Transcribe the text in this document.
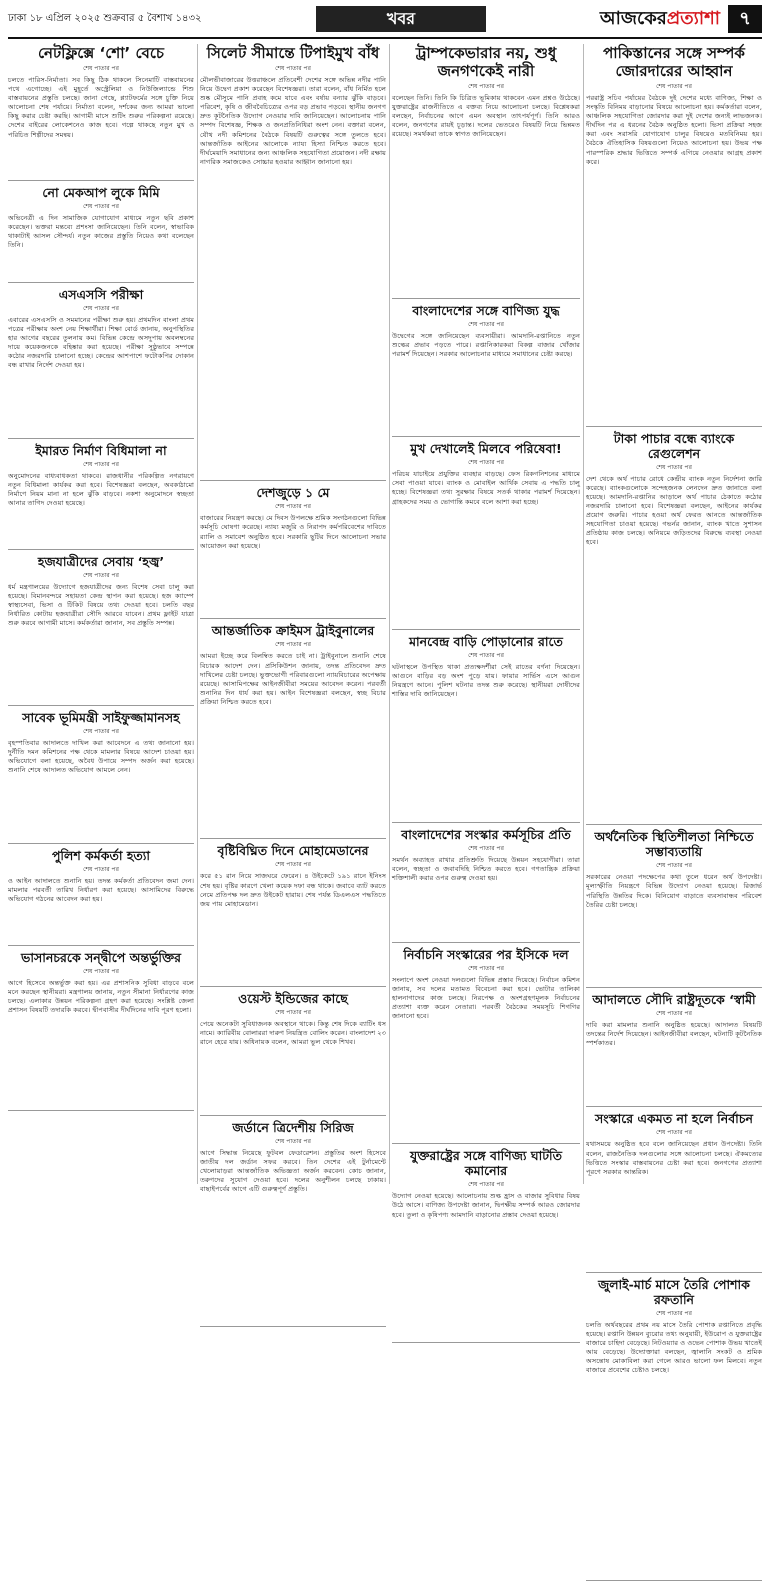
ঢাকা ১৮ এপ্রিল ২০২৫ শুক্রবার ৫ বৈশাখ ১৪৩২	খবর	আজকেরপ্রত্যাশা	৭
নেটফ্লিক্সে ‘শো’ বেচে
শেষ পাতার পর
চলতে পারিস-নির্মাতা। সব কিছু ঠিক থাকলে সিনেমাটি বাস্তবায়নের পথে এগোচ্ছে। এই মুহূর্তে অস্ট্রেলিয়া ও নিউজিল্যান্ডে শিশু বাস্তবায়নের প্রস্তুতি চলছে। জানা গেছে, প্ল্যাটফর্মের সঙ্গে চুক্তি নিয়ে আলোচনা শেষ পর্যায়ে। নির্মাতা বলেন, দর্শকের জন্য আমরা ভালো কিছু করার চেষ্টা করছি। আগামী মাসে শুটিং শুরুর পরিকল্পনা রয়েছে। দেশের বাইরের লোকেশনেও কাজ হবে। গল্পে থাকছে নতুন মুখ ও পরিচিত শিল্পীদের সমন্বয়।
নো মেকআপ লুকে মিমি
শেষ পাতার পর
অভিনেত্রী এ দিন সামাজিক যোগাযোগ মাধ্যমে নতুন ছবি প্রকাশ করেছেন। ভক্তরা মন্তব্যে প্রশংসা জানিয়েছেন। তিনি বলেন, স্বাভাবিক থাকাটাই আসল সৌন্দর্য। নতুন কাজের প্রস্তুতি নিয়েও কথা বলেছেন তিনি।
এসএসসি পরীক্ষা
শেষ পাতার পর
এবারের এসএসসি ও সমমানের পরীক্ষা শুরু হয়। প্রথমদিন বাংলা প্রথম পত্রের পরীক্ষায় অংশ নেয় শিক্ষার্থীরা। শিক্ষা বোর্ড জানায়, অনুপস্থিতির হার আগের বছরের তুলনায় কম। বিভিন্ন কেন্দ্রে অসদুপায় অবলম্বনের দায়ে কয়েকজনকে বহিষ্কার করা হয়েছে। পরীক্ষা সুষ্ঠুভাবে সম্পন্নে কঠোর নজরদারি চালানো হচ্ছে। কেন্দ্রের আশপাশে ফটোকপির দোকান বন্ধ রাখার নির্দেশ দেওয়া হয়।
ইমারত নির্মাণ বিধিমালা না
শেষ পাতার পর
অনুমোদনের বাধ্যবাধকতা থাকবে। রাজধানীর পরিকল্পিত নগরায়ণে নতুন বিধিমালা কার্যকর করা হবে। বিশেষজ্ঞরা বলছেন, অবকাঠামো নির্মাণে নিয়ম মানা না হলে ঝুঁকি বাড়বে। নকশা অনুমোদনে স্বচ্ছতা আনার তাগিদ দেওয়া হয়েছে।
হজযাত্রীদের সেবায় ‘হজ্ব’
শেষ পাতার পর
ধর্ম মন্ত্রণালয়ের উদ্যোগে হজযাত্রীদের জন্য বিশেষ সেবা চালু করা হয়েছে। বিমানবন্দরে সহায়তা কেন্দ্র স্থাপন করা হয়েছে। হজ ক্যাম্পে স্বাস্থ্যসেবা, ভিসা ও টিকিট বিষয়ে তথ্য দেওয়া হবে। চলতি বছর নির্ধারিত কোটায় হজযাত্রীরা সৌদি আরবে যাবেন। প্রথম ফ্লাইট যাত্রা শুরু করবে আগামী মাসে। কর্মকর্তারা জানান, সব প্রস্তুতি সম্পন্ন।
সাবেক ভূমিমন্ত্রী সাইফুজ্জামানসহ
শেষ পাতার পর
বৃহস্পতিবার আদালতে দাখিল করা আবেদনে এ তথ্য জানানো হয়। দুর্নীতি দমন কমিশনের পক্ষ থেকে মামলার বিষয়ে আদেশ চাওয়া হয়। অভিযোগে বলা হয়েছে, অবৈধ উপায়ে সম্পদ অর্জন করা হয়েছে। শুনানি শেষে আদালত অভিযোগ আমলে নেন।
পুলিশ কর্মকর্তা হত্যা
শেষ পাতার পর
ও আইন আদালতে শুনানি হয়। তদন্ত কর্মকর্তা প্রতিবেদন জমা দেন। মামলার পরবর্তী তারিখ নির্ধারণ করা হয়েছে। আসামিদের বিরুদ্ধে অভিযোগ গঠনের আবেদন করা হয়।
ভাসানচরকে সন্দ্বীপে অন্তর্ভুক্তির
শেষ পাতার পর
আগে হিসেবে অন্তর্ভুক্ত করা হয়। এর প্রশাসনিক সুবিধা বাড়বে বলে মনে করছেন স্থানীয়রা। মন্ত্রণালয় জানায়, নতুন সীমানা নির্ধারণের কাজ চলছে। এলাকার উন্নয়ন পরিকল্পনা গ্রহণ করা হয়েছে। সংশ্লিষ্ট জেলা প্রশাসন বিষয়টি তদারকি করবে। দ্বীপবাসীর দীর্ঘদিনের দাবি পূরণ হলো।
সিলেট সীমান্তে টিপাইমুখ বাঁধ
শেষ পাতার পর
মৌলভীবাজারের উত্তরাঞ্চলে প্রতিবেশী দেশের সঙ্গে অভিন্ন নদীর পানি নিয়ে উদ্বেগ প্রকাশ করেছেন বিশেষজ্ঞরা। তারা বলেন, বাঁধ নির্মিত হলে শুষ্ক মৌসুমে পানি প্রবাহ কমে যাবে এবং বর্ষায় বন্যার ঝুঁকি বাড়বে। পরিবেশ, কৃষি ও জীববৈচিত্র্যের ওপর বড় প্রভাব পড়বে। স্থানীয় জনগণ দ্রুত কূটনৈতিক উদ্যোগ নেওয়ার দাবি জানিয়েছেন। আলোচনায় পানি সম্পদ বিশেষজ্ঞ, শিক্ষক ও জনপ্রতিনিধিরা অংশ নেন। বক্তারা বলেন, যৌথ নদী কমিশনের বৈঠকে বিষয়টি গুরুত্বের সঙ্গে তুলতে হবে। আন্তর্জাতিক আইনের আলোকে ন্যায্য হিস্যা নিশ্চিত করতে হবে। দীর্ঘমেয়াদি সমাধানের জন্য আঞ্চলিক সহযোগিতা প্রয়োজন। নদী রক্ষায় নাগরিক সমাজকেও সোচ্চার হওয়ার আহ্বান জানানো হয়।
দেশজুড়ে ১ মে
শেষ পাতার পর
বাজারের নিয়ন্ত্রণ করছে। মে দিবস উপলক্ষে শ্রমিক সংগঠনগুলো বিভিন্ন কর্মসূচি ঘোষণা করেছে। ন্যায্য মজুরি ও নিরাপদ কর্মপরিবেশের দাবিতে র‍্যালি ও সমাবেশ অনুষ্ঠিত হবে। সরকারি ছুটির দিনে আলোচনা সভার আয়োজন করা হয়েছে।
আন্তর্জাতিক ক্রাইমস ট্রাইবুনালের
শেষ পাতার পর
আমরা ইচ্ছে করে বিলম্বিত করতে চাই না। ট্রাইবুনালে শুনানি শেষে বিচারক আদেশ দেন। প্রসিকিউশন জানায়, তদন্ত প্রতিবেদন দ্রুত দাখিলের চেষ্টা চলছে। ভুক্তভোগী পরিবারগুলো ন্যায়বিচারের অপেক্ষায় রয়েছে। আসামিপক্ষের আইনজীবীরা সময়ের আবেদন করেন। পরবর্তী শুনানির দিন ধার্য করা হয়। আইন বিশেষজ্ঞরা বলছেন, স্বচ্ছ বিচার প্রক্রিয়া নিশ্চিত করতে হবে।
বৃষ্টিবিঘ্নিত দিনে মোহামেডানের
শেষ পাতার পর
করে ৫১ রান নিয়ে সাজঘরে ফেরেন। ৪ উইকেটে ১৯১ রানে ইনিংস শেষ হয়। বৃষ্টির কারণে খেলা কয়েক দফা বন্ধ থাকে। জবাবে ব্যাট করতে নেমে প্রতিপক্ষ দল দ্রুত উইকেট হারায়। শেষ পর্যন্ত ডিএলএস পদ্ধতিতে জয় পায় মোহামেডান।
ওয়েস্ট ইন্ডিজের কাছে
শেষ পাতার পর
পেয়ে অনেকটা সুবিধাজনক অবস্থানে থাকে। কিন্তু শেষ দিকে ব্যাটিং ধস নামে। ক্যারিবীয় বোলাররা দারুণ নিয়ন্ত্রিত বোলিং করেন। বাংলাদেশ ২৩ রানে হেরে যায়। অধিনায়ক বলেন, আমরা ভুল থেকে শিখব।
জর্ডানে ত্রিদেশীয় সিরিজ
শেষ পাতার পর
আগে সিদ্ধান্ত নিয়েছে ফুটবল ফেডারেশন। প্রস্তুতির অংশ হিসেবে জাতীয় দল জর্ডান সফর করবে। তিন দেশের এই টুর্নামেন্টে খেলোয়াড়রা আন্তর্জাতিক অভিজ্ঞতা অর্জন করবেন। কোচ জানান, তরুণদের সুযোগ দেওয়া হবে। দলের অনুশীলন চলছে ঢাকায়। বাছাইপর্বের আগে এটি গুরুত্বপূর্ণ প্রস্তুতি।
ট্রাম্পকেভারার নয়, শুধু জনগণকেই নারী
শেষ পাতার পর
বলেছেন তিনি। তিনি কি চিত্রিত ভূমিকায় থাকবেন এমন প্রশ্নও উঠেছে। যুক্তরাষ্ট্রের রাজনীতিতে এ বক্তব্য নিয়ে আলোচনা চলছে। বিশ্লেষকরা বলছেন, নির্বাচনের আগে এমন অবস্থান তাৎপর্যপূর্ণ। তিনি আরও বলেন, জনগণের রায়ই চূড়ান্ত। দলের ভেতরেও বিষয়টি নিয়ে ভিন্নমত রয়েছে। সমর্থকরা তাকে স্বাগত জানিয়েছেন।
বাংলাদেশের সঙ্গে বাণিজ্য যুদ্ধ
শেষ পাতার পর
উদ্বেগের সঙ্গে জানিয়েছেন ব্যবসায়ীরা। আমদানি-রপ্তানিতে নতুন শুল্কের প্রভাব পড়তে পারে। রপ্তানিকারকরা বিকল্প বাজার খোঁজার পরামর্শ দিয়েছেন। সরকার আলোচনার মাধ্যমে সমাধানের চেষ্টা করছে।
মুখ দেখালেই মিলবে পরিষেবা!
শেষ পাতার পর
পরিচয় যাচাইয়ে প্রযুক্তির ব্যবহার বাড়ছে। ফেস রিকগনিশনের মাধ্যমে সেবা পাওয়া যাবে। ব্যাংক ও মোবাইল আর্থিক সেবায় এ পদ্ধতি চালু হচ্ছে। বিশেষজ্ঞরা তথ্য সুরক্ষার বিষয়ে সতর্ক থাকার পরামর্শ দিয়েছেন। গ্রাহকদের সময় ও ভোগান্তি কমবে বলে আশা করা হচ্ছে।
মানবেন্দ্র বাড়ি পোড়ানোর রাতে
শেষ পাতার পর
ঘটনাস্থলে উপস্থিত থাকা প্রত্যক্ষদর্শীরা সেই রাতের বর্ণনা দিয়েছেন। আগুনে বাড়ির বড় অংশ পুড়ে যায়। ফায়ার সার্ভিস এসে আগুন নিয়ন্ত্রণে আনে। পুলিশ ঘটনার তদন্ত শুরু করেছে। স্থানীয়রা দোষীদের শাস্তির দাবি জানিয়েছেন।
বাংলাদেশের সংস্কার কর্মসূচির প্রতি
শেষ পাতার পর
সমর্থন অব্যাহত রাখার প্রতিশ্রুতি দিয়েছে উন্নয়ন সহযোগীরা। তারা বলেন, স্বচ্ছতা ও জবাবদিহি নিশ্চিত করতে হবে। গণতান্ত্রিক প্রক্রিয়া শক্তিশালী করার ওপর গুরুত্ব দেওয়া হয়।
নির্বাচনি সংস্কারের পর ইসিকে দল
শেষ পাতার পর
সংলাপে অংশ নেওয়া দলগুলো বিভিন্ন প্রস্তাব দিয়েছে। নির্বাচন কমিশন জানায়, সব দলের মতামত বিবেচনা করা হবে। ভোটার তালিকা হালনাগাদের কাজ চলছে। নিরপেক্ষ ও অংশগ্রহণমূলক নির্বাচনের প্রত্যাশা ব্যক্ত করেন নেতারা। পরবর্তী বৈঠকের সময়সূচি শিগগির জানানো হবে।
যুক্তরাষ্ট্রের সঙ্গে বাণিজ্য ঘাটতি কমানোর
শেষ পাতার পর
উদ্যোগ নেওয়া হয়েছে। আলোচনায় শুল্ক হ্রাস ও বাজার সুবিধার বিষয় উঠে আসে। বাণিজ্য উপদেষ্টা জানান, দ্বিপক্ষীয় সম্পর্ক আরও জোরদার হবে। তুলা ও কৃষিপণ্য আমদানি বাড়ানোর প্রস্তাব দেওয়া হয়েছে।
পাকিস্তানের সঙ্গে সম্পর্ক জোরদারের আহ্বান
শেষ পাতার পর
পররাষ্ট্র সচিব পর্যায়ের বৈঠকে দুই দেশের মধ্যে বাণিজ্য, শিক্ষা ও সংস্কৃতি বিনিময় বাড়ানোর বিষয়ে আলোচনা হয়। কর্মকর্তারা বলেন, আঞ্চলিক সহযোগিতা জোরদার করা দুই দেশের জন্যই লাভজনক। দীর্ঘদিন পর এ ধরনের বৈঠক অনুষ্ঠিত হলো। ভিসা প্রক্রিয়া সহজ করা এবং সরাসরি যোগাযোগ চালুর বিষয়েও মতবিনিময় হয়। বৈঠকে ঐতিহাসিক বিষয়গুলো নিয়েও আলোচনা হয়। উভয় পক্ষ পারস্পরিক শ্রদ্ধার ভিত্তিতে সম্পর্ক এগিয়ে নেওয়ার আগ্রহ প্রকাশ করে।
টাকা পাচার বন্ধে ব্যাংকে রেগুলেশন
শেষ পাতার পর
দেশ থেকে অর্থ পাচার রোধে কেন্দ্রীয় ব্যাংক নতুন নির্দেশনা জারি করেছে। ব্যাংকগুলোকে সন্দেহজনক লেনদেন দ্রুত জানাতে বলা হয়েছে। আমদানি-রপ্তানির আড়ালে অর্থ পাচার ঠেকাতে কঠোর নজরদারি চালানো হবে। বিশেষজ্ঞরা বলছেন, আইনের কার্যকর প্রয়োগ জরুরি। পাচার হওয়া অর্থ ফেরত আনতে আন্তর্জাতিক সহযোগিতা চাওয়া হয়েছে। গভর্নর জানান, ব্যাংক খাতে সুশাসন প্রতিষ্ঠায় কাজ চলছে। অনিয়মে জড়িতদের বিরুদ্ধে ব্যবস্থা নেওয়া হবে।
অর্থনৈতিক স্থিতিশীলতা নিশ্চিতে সম্ভাব্যতায়ি
শেষ পাতার পর
সরকারের নেওয়া পদক্ষেপের কথা তুলে ধরেন অর্থ উপদেষ্টা। মূল্যস্ফীতি নিয়ন্ত্রণে বিভিন্ন উদ্যোগ নেওয়া হয়েছে। রিজার্ভ পরিস্থিতি উন্নতির দিকে। বিনিয়োগ বাড়াতে ব্যবসাবান্ধব পরিবেশ তৈরির চেষ্টা চলছে।
আদালতে সৌদি রাষ্ট্রদূতকে ‘স্বামী
শেষ পাতার পর
দাবি করা মামলার শুনানি অনুষ্ঠিত হয়েছে। আদালত বিষয়টি তদন্তের নির্দেশ দিয়েছেন। আইনজীবীরা বলছেন, ঘটনাটি কূটনৈতিক স্পর্শকাতর।
সংস্কারে একমত না হলে নির্বাচন
শেষ পাতার পর
যথাসময়ে অনুষ্ঠিত হবে বলে জানিয়েছেন প্রধান উপদেষ্টা। তিনি বলেন, রাজনৈতিক দলগুলোর সঙ্গে আলোচনা চলছে। ঐকমত্যের ভিত্তিতে সংস্কার বাস্তবায়নের চেষ্টা করা হবে। জনগণের প্রত্যাশা পূরণে সরকার আন্তরিক।
জুলাই-মার্চ মাসে তৈরি পোশাক রফতানি
শেষ পাতার পর
চলতি অর্থবছরের প্রথম নয় মাসে তৈরি পোশাক রপ্তানিতে প্রবৃদ্ধি হয়েছে। রপ্তানি উন্নয়ন ব্যুরোর তথ্য অনুযায়ী, ইউরোপ ও যুক্তরাষ্ট্রের বাজারে চাহিদা বেড়েছে। নিটওয়্যার ও ওভেন পোশাক উভয় খাতেই আয় বেড়েছে। উদ্যোক্তারা বলছেন, জ্বালানি সংকট ও শ্রমিক অসন্তোষ মোকাবিলা করা গেলে আরও ভালো ফল মিলবে। নতুন বাজারে প্রবেশের চেষ্টাও চলছে।
